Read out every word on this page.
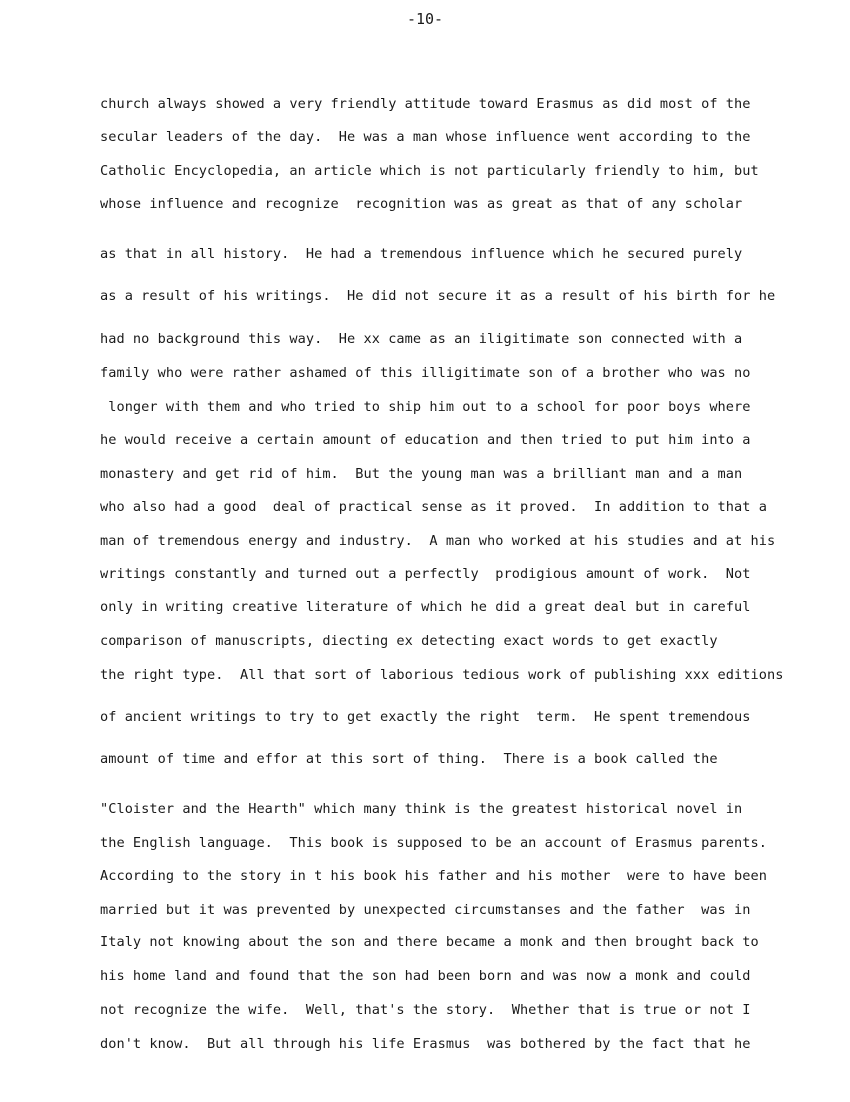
-10-
church always showed a very friendly attitude toward Erasmus as did most of the
secular leaders of the day.  He was a man whose influence went according to the
Catholic Encyclopedia, an article which is not particularly friendly to him, but
whose influence and recognize  recognition was as great as that of any scholar
as that in all history.  He had a tremendous influence which he secured purely
as a result of his writings.  He did not secure it as a result of his birth for he
had no background this way.  He xx came as an iligitimate son connected with a
family who were rather ashamed of this illigitimate son of a brother who was no
longer with them and who tried to ship him out to a school for poor boys where
he would receive a certain amount of education and then tried to put him into a
monastery and get rid of him.  But the young man was a brilliant man and a man
who also had a good  deal of practical sense as it proved.  In addition to that a
man of tremendous energy and industry.  A man who worked at his studies and at his
writings constantly and turned out a perfectly  prodigious amount of work.  Not
only in writing creative literature of which he did a great deal but in careful
comparison of manuscripts, diecting ex detecting exact words to get exactly
the right type.  All that sort of laborious tedious work of publishing xxx editions
of ancient writings to try to get exactly the right  term.  He spent tremendous
amount of time and effor at this sort of thing.  There is a book called the
"Cloister and the Hearth" which many think is the greatest historical novel in
the English language.  This book is supposed to be an account of Erasmus parents.
According to the story in t his book his father and his mother  were to have been
married but it was prevented by unexpected circumstanses and the father  was in
Italy not knowing about the son and there became a monk and then brought back to
his home land and found that the son had been born and was now a monk and could
not recognize the wife.  Well, that's the story.  Whether that is true or not I
don't know.  But all through his life Erasmus  was bothered by the fact that he
